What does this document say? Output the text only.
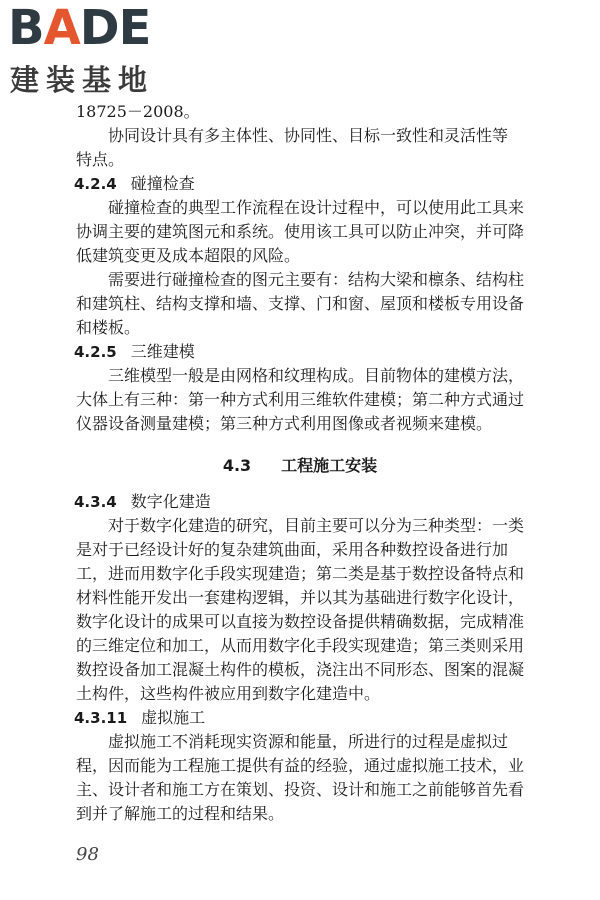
B A D E
建装基地
18725－2008。
协同设计具有多主体性、协同性、目标一致性和灵活性等
特点。
4.2.4 碰撞检查
碰撞检查的典型工作流程在设计过程中，可以使用此工具来
协调主要的建筑图元和系统。使用该工具可以防止冲突，并可降
低建筑变更及成本超限的风险。
需要进行碰撞检查的图元主要有：结构大梁和檩条、结构柱
和建筑柱、结构支撑和墙、支撑、门和窗、屋顶和楼板专用设备
和楼板。
4.2.5 三维建模
三维模型一般是由网格和纹理构成。目前物体的建模方法，
大体上有三种：第一种方式利用三维软件建模；第二种方式通过
仪器设备测量建模；第三种方式利用图像或者视频来建模。
4.3 工程施工安装
4.3.4 数字化建造
对于数字化建造的研究，目前主要可以分为三种类型：一类
是对于已经设计好的复杂建筑曲面，采用各种数控设备进行加
工，进而用数字化手段实现建造；第二类是基于数控设备特点和
材料性能开发出一套建构逻辑，并以其为基础进行数字化设计，
数字化设计的成果可以直接为数控设备提供精确数据，完成精准
的三维定位和加工，从而用数字化手段实现建造；第三类则采用
数控设备加工混凝土构件的模板，浇注出不同形态、图案的混凝
土构件，这些构件被应用到数字化建造中。
4.3.11 虚拟施工
虚拟施工不消耗现实资源和能量，所进行的过程是虚拟过
程，因而能为工程施工提供有益的经验，通过虚拟施工技术，业
主、设计者和施工方在策划、投资、设计和施工之前能够首先看
到并了解施工的过程和结果。
98
